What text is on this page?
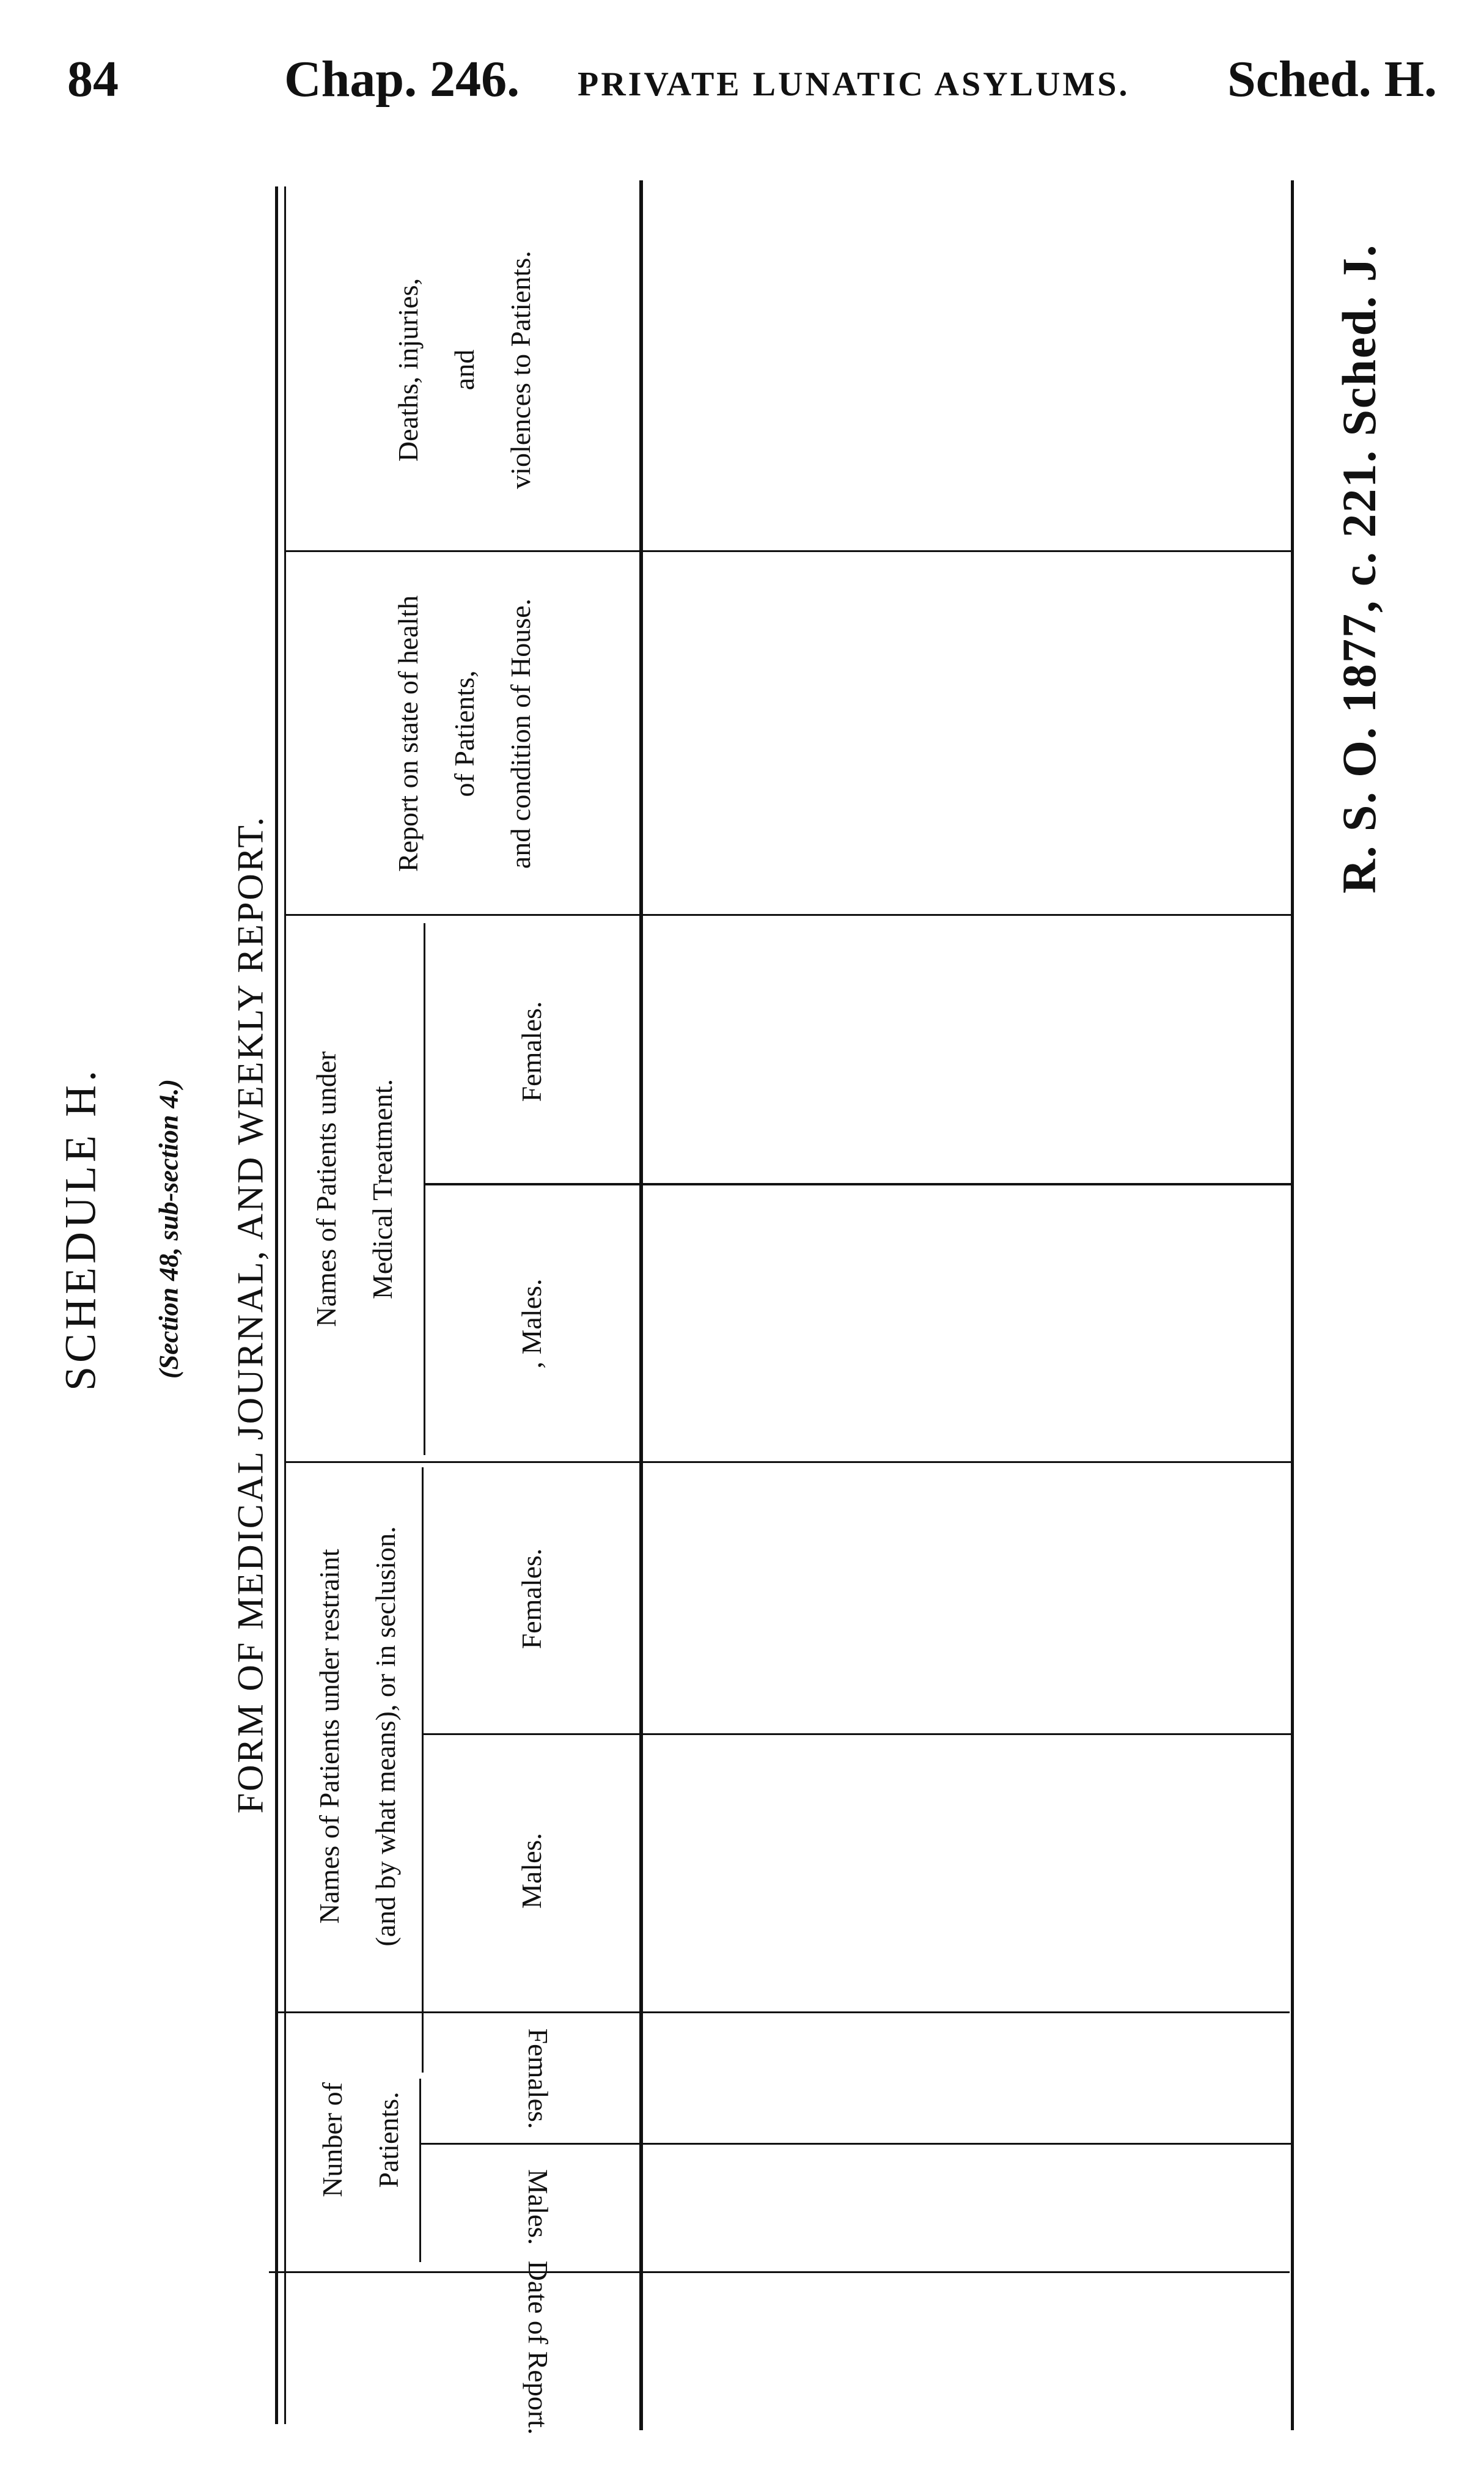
84	Chap. 246. PRIVATE LUNATIC ASYLUMS. Sched. H.
SCHEDULE H. (Section 48, sub-section 4.) FORM OF MEDICAL JOURNAL, AND WEEKLY REPORT.
R. S. O. 1877, c. 221. Sched. J.
Deaths, injuries, and violences to Patients.
Report on state of health of Patients, and condition of House.
Names of Patients under Medical Treatment.
Females.
, Males.
Names of Patients under restraint (and by what means), or in seclusion.	Females.
Males.
Nunber of Patients.
Females.
Males.
Date of Report.
